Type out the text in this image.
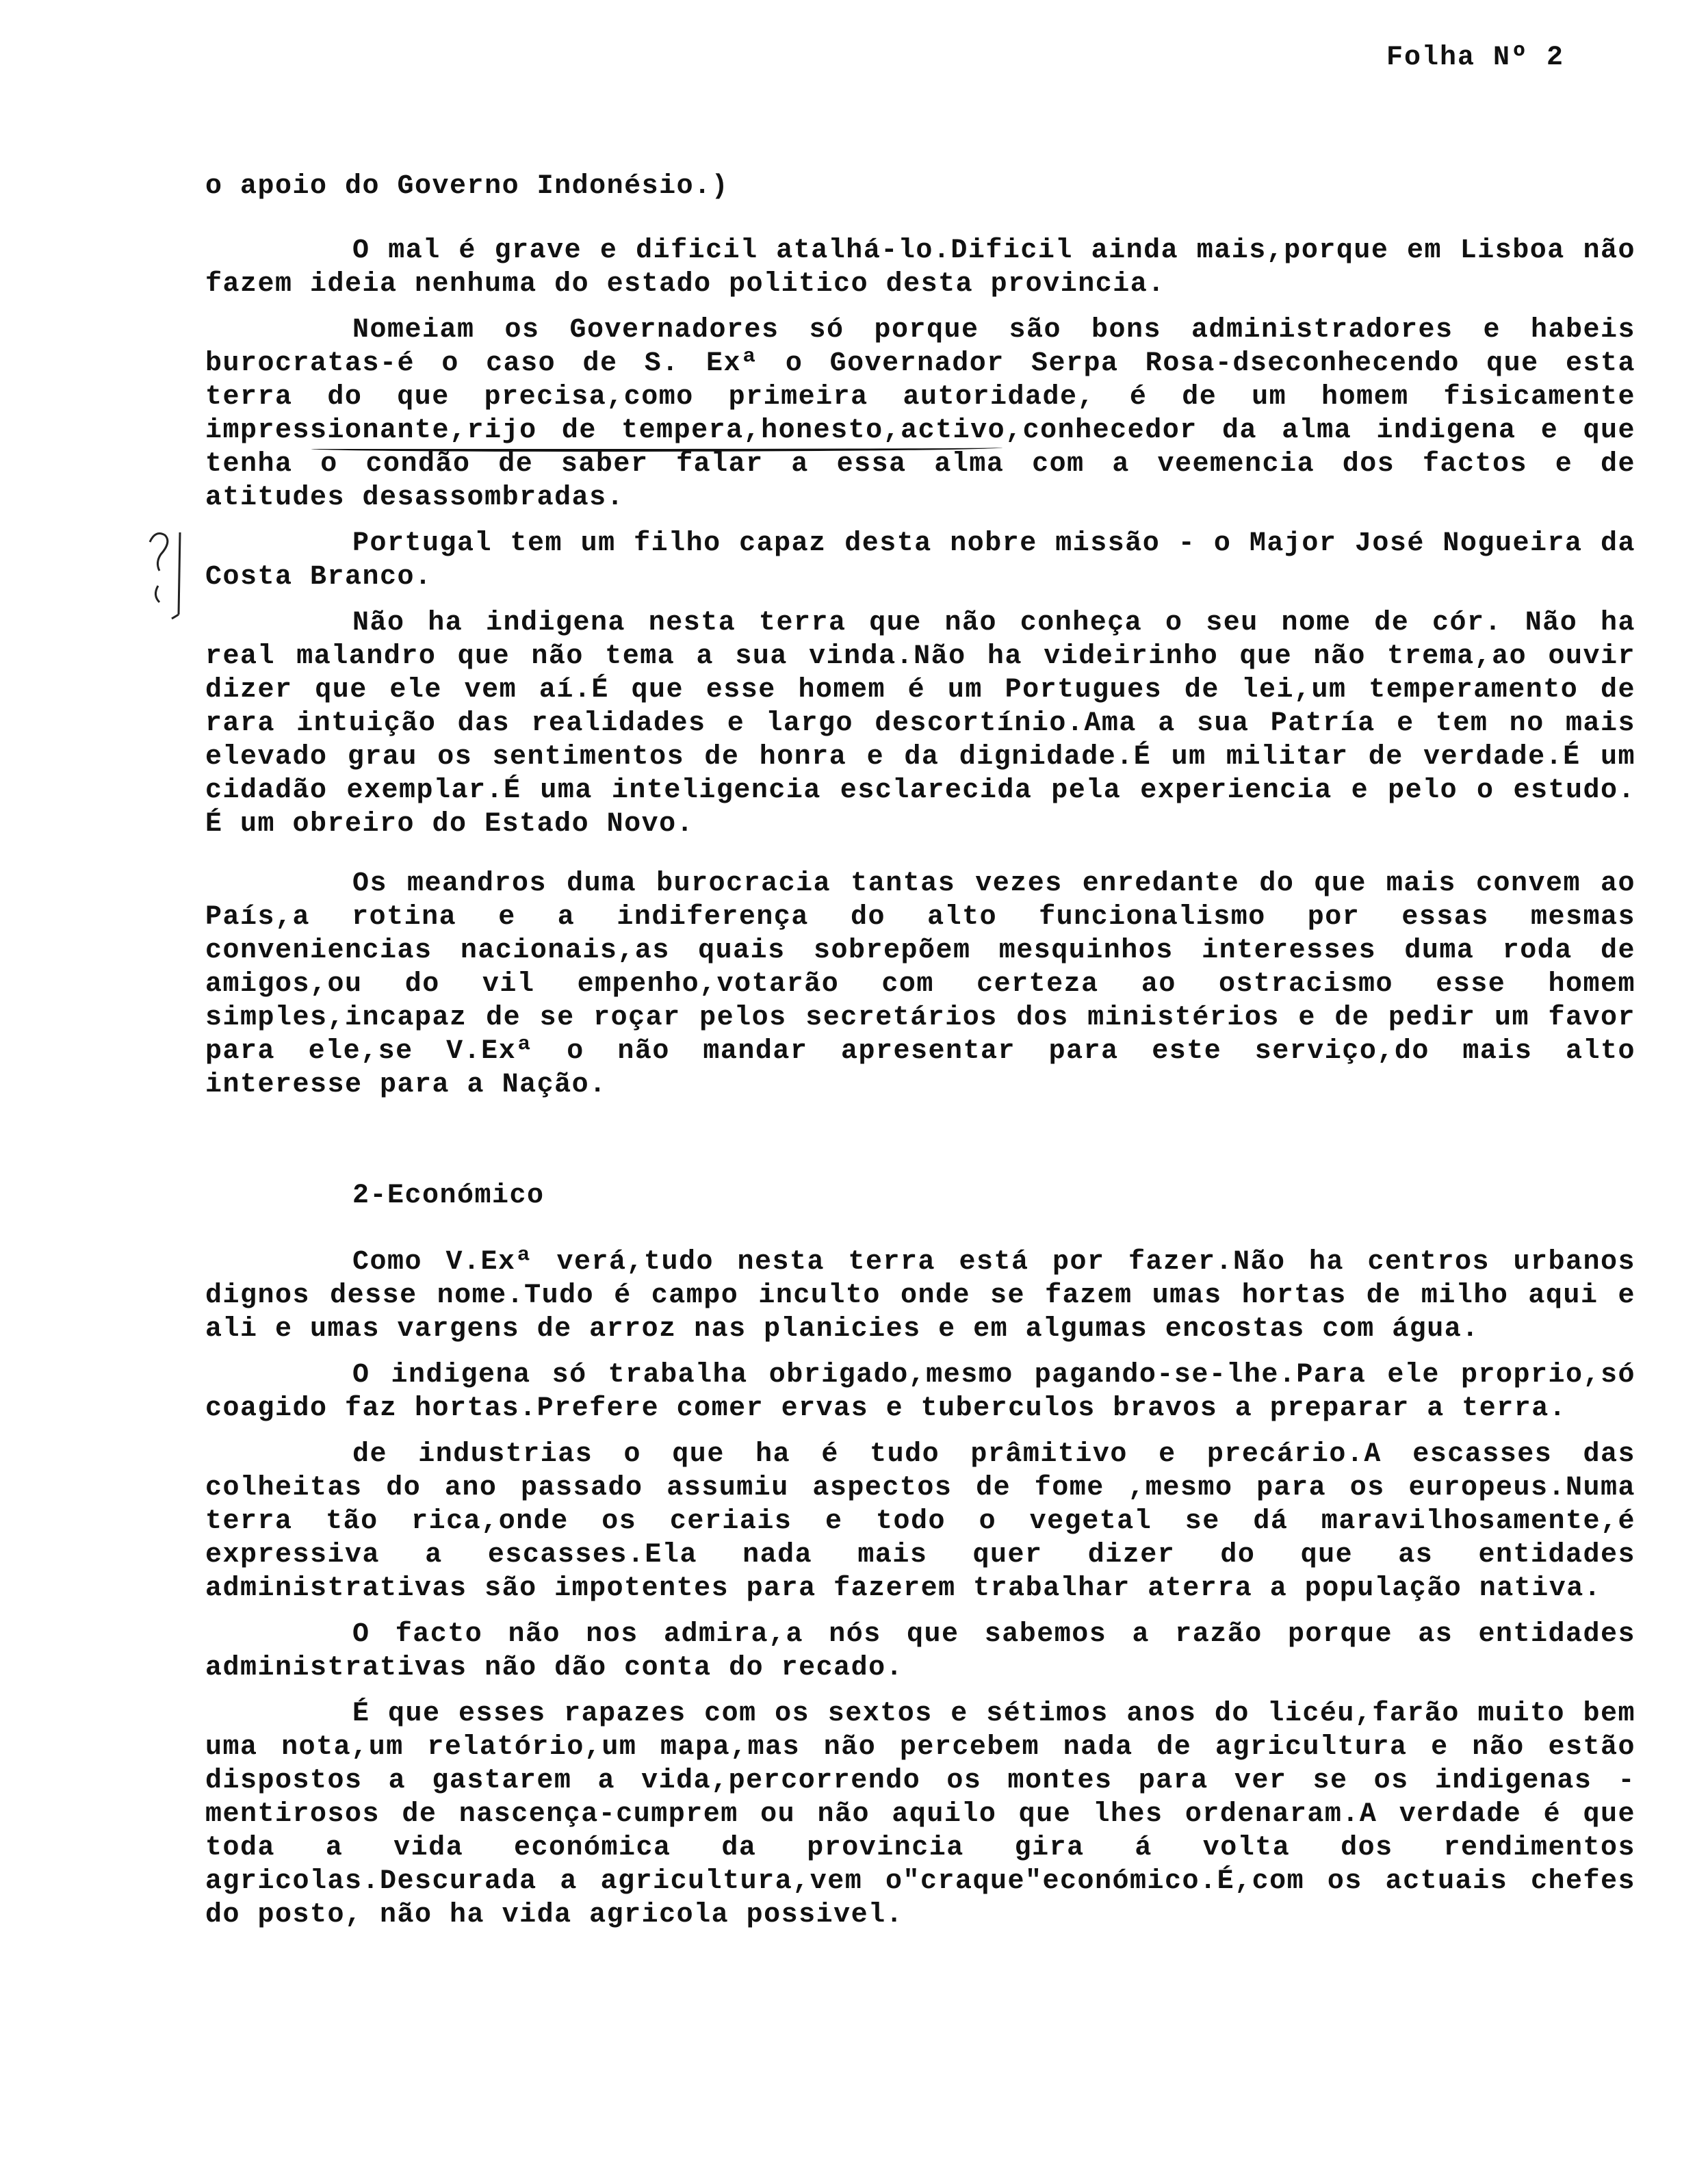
Folha Nº 2

o apoio do Governo Indonésio.)

O mal é grave e dificil atalhá-lo.Dificil ainda mais,porque em Lisboa não fazem ideia nenhuma do estado politico desta provincia.

Nomeiam os Governadores só porque são bons administradores e habeis burocratas-é o caso de S. Exª o Governador Serpa Rosa-dseconhecendo que esta terra do que precisa,como primeira autoridade, é de um homem fisicamente impressionante,rijo de tempera,honesto,activo,conhecedor da alma indigena e que tenha o condão de saber falar a essa alma com a veemencia dos factos e de atitudes desassombradas.

Portugal tem um filho capaz desta nobre missão - o Major José Nogueira da Costa Branco.

Não ha indigena nesta terra que não conheça o seu nome de cór. Não ha real malandro que não tema a sua vinda.Não ha videirinho que não trema,ao ouvir dizer que ele vem aí.É que esse homem é um Portugues de lei,um temperamento de rara intuição das realidades e largo descortínio.Ama a sua Patría e tem no mais elevado grau os sentimentos de honra e da dignidade.É um militar de verdade.É um cidadão exemplar.É uma inteligencia esclarecida pela experiencia e pelo o estudo. É um obreiro do Estado Novo.

Os meandros duma burocracia tantas vezes enredante do que mais convem ao País,a rotina e a indiferença do alto funcionalismo por essas mesmas conveniencias nacionais,as quais sobrepõem mesquinhos interesses duma roda de amigos,ou do vil empenho,votarão com certeza ao ostracismo esse homem simples,incapaz de se roçar pelos secretários dos ministérios e de pedir um favor para ele,se V.Exª o não mandar apresentar para este serviço,do mais alto interesse para a Nação.

2-Económico

Como V.Exª verá,tudo nesta terra está por fazer.Não ha centros urbanos dignos desse nome.Tudo é campo inculto onde se fazem umas hortas de milho aqui e ali e umas vargens de arroz nas planicies e em algumas encostas com água.

O indigena só trabalha obrigado,mesmo pagando-se-lhe.Para ele proprio,só coagido faz hortas.Prefere comer ervas e tuberculos bravos a preparar a terra.

de industrias o que ha é tudo prâmitivo e precário.A escasses das colheitas do ano passado assumiu aspectos de fome ,mesmo para os europeus.Numa terra tão rica,onde os ceriais e todo o vegetal se dá maravilhosamente,é expressiva a escasses.Ela nada mais quer dizer do que as entidades administrativas são impotentes para fazerem trabalhar aterra a população nativa.

O facto não nos admira,a nós que sabemos a razão porque as entidades administrativas não dão conta do recado.

É que esses rapazes com os sextos e sétimos anos do licéu,farão muito bem uma nota,um relatório,um mapa,mas não percebem nada de agricultura e não estão dispostos a gastarem a vida,percorrendo os montes para ver se os indigenas - mentirosos de nascença-cumprem ou não aquilo que lhes ordenaram.A verdade é que toda a vida económica da provincia gira á volta dos rendimentos agricolas.Descurada a agricultura,vem o"craque"económico.É,com os actuais chefes do posto, não ha vida agricola possivel.
